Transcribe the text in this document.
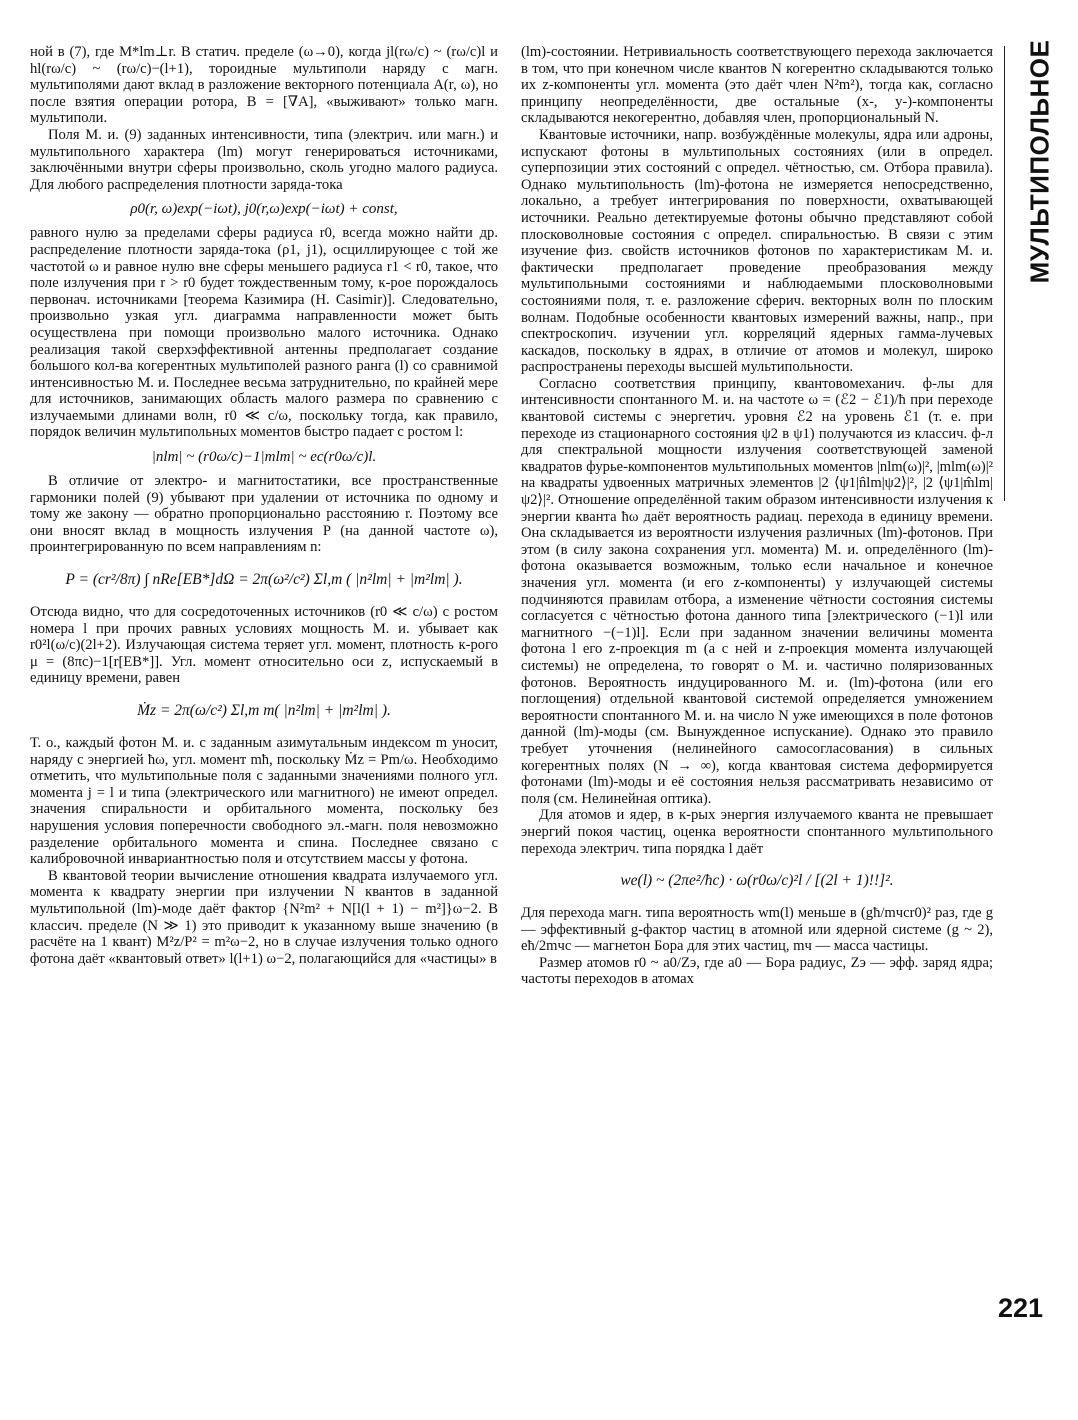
ной в (7), где M*lm⊥r. В статич. пределе (ω→0), когда jl(rω/c) ~ (rω/c)l и hl(rω/c) ~ (rω/c)−(l+1), тороидные мультиполи наряду с магн. мультиполями дают вклад в разложение векторного потенциала A(r, ω), но после взятия операции ротора, B = [∇A], «выживают» только магн. мультиполи.

Поля М. и. (9) заданных интенсивности, типа (электрич. или магн.) и мультипольного характера (lm) могут генерироваться источниками, заключёнными внутри сферы произвольно, сколь угодно малого радиуса. Для любого распределения плотности заряда-тока

ρ0(r, ω)exp(−iωt), j0(r,ω)exp(−iωt) + const,

равного нулю за пределами сферы радиуса r0, всегда можно найти др. распределение плотности заряда-тока (ρ1, j1), осциллирующее с той же частотой ω и равное нулю вне сферы меньшего радиуса r1 < r0, такое, что поле излучения при r > r0 будет тождественным тому, к-рое порождалось первонач. источниками [теорема Казимира (H. Casimir)]. Следовательно, произвольно узкая угл. диаграмма направленности может быть осуществлена при помощи произвольно малого источника. Однако реализация такой сверхэффективной антенны предполагает создание большого кол-ва когерентных мультиполей разного ранга (l) со сравнимой интенсивностью М. и. Последнее весьма затруднительно, по крайней мере для источников, занимающих область малого размера по сравнению с излучаемыми длинами волн, r0 ≪ c/ω, поскольку тогда, как правило, порядок величин мультипольных моментов быстро падает с ростом l:

|nlm| ~ (r0ω/c)−1|mlm| ~ ec(r0ω/c)l.

В отличие от электро- и магнитостатики, все пространственные гармоники полей (9) убывают при удалении от источника по одному и тому же закону — обратно пропорционально расстоянию r. Поэтому все они вносят вклад в мощность излучения P (на данной частоте ω), проинтегрированную по всем направлениям n:

P = (cr²/8π) ∫ nRe[EB*]dΩ = 2π(ω²/c²) Σl,m ( |n²lm| + |m²lm| ).

Отсюда видно, что для сосредоточенных источников (r0 ≪ c/ω) с ростом номера l при прочих равных условиях мощность М. и. убывает как r0²l(ω/c)(2l+2). Излучающая система теряет угл. момент, плотность к-рого μ = (8πc)−1[r[EB*]]. Угл. момент относительно оси z, испускаемый в единицу времени, равен

Ṁz = 2π(ω/c²) Σl,m m( |n²lm| + |m²lm| ).

Т. о., каждый фотон М. и. с заданным азимутальным индексом m уносит, наряду с энергией ħω, угл. момент mħ, поскольку Ṁz = Pm/ω. Необходимо отметить, что мультипольные поля с заданными значениями полного угл. момента j = l и типа (электрического или магнитного) не имеют определ. значения спиральности и орбитального момента, поскольку без нарушения условия поперечности свободного эл.-магн. поля невозможно разделение орбитального момента и спина. Последнее связано с калибровочной инвариантностью поля и отсутствием массы у фотона.

В квантовой теории вычисление отношения квадрата излучаемого угл. момента к квадрату энергии при излучении N квантов в заданной мультипольной (lm)-моде даёт фактор {N²m² + N[l(l + 1) − m²]}ω−2. В классич. пределе (N ≫ 1) это приводит к указанному выше значению (в расчёте на 1 квант) M²z/P² = m²ω−2, но в случае излучения только одного фотона даёт «квантовый ответ» l(l+1) ω−2, полагающийся для «частицы» в

(lm)-состоянии. Нетривиальность соответствующего перехода заключается в том, что при конечном числе квантов N когерентно складываются только их z-компоненты угл. момента (это даёт член N²m²), тогда как, согласно принципу неопределённости, две остальные (x-, y-)-компоненты складываются некогерентно, добавляя член, пропорциональный N.

Квантовые источники, напр. возбуждённые молекулы, ядра или адроны, испускают фотоны в мультипольных состояниях (или в определ. суперпозиции этих состояний с определ. чётностью, см. Отбора правила). Однако мультипольность (lm)-фотона не измеряется непосредственно, локально, а требует интегрирования по поверхности, охватывающей источники. Реально детектируемые фотоны обычно представляют собой плосковолновые состояния с определ. спиральностью. В связи с этим изучение физ. свойств источников фотонов по характеристикам М. и. фактически предполагает проведение преобразования между мультипольными состояниями и наблюдаемыми плосковолновыми состояниями поля, т. е. разложение сферич. векторных волн по плоским волнам. Подобные особенности квантовых измерений важны, напр., при спектроскопич. изучении угл. корреляций ядерных гамма-лучевых каскадов, поскольку в ядрах, в отличие от атомов и молекул, широко распространены переходы высшей мультипольности.

Согласно соответствия принципу, квантовомеханич. ф-лы для интенсивности спонтанного М. и. на частоте ω = (ℰ2 − ℰ1)/ħ при переходе квантовой системы с энергетич. уровня ℰ2 на уровень ℰ1 (т. е. при переходе из стационарного состояния ψ2 в ψ1) получаются из классич. ф-л для спектральной мощности излучения соответствующей заменой квадратов фурье-компонентов мультипольных моментов |nlm(ω)|², |mlm(ω)|² на квадраты удвоенных матричных элементов |2 ⟨ψ1|n̂lm|ψ2⟩|², |2 ⟨ψ1|m̂lm|ψ2⟩|². Отношение определённой таким образом интенсивности излучения к энергии кванта ħω даёт вероятность радиац. перехода в единицу времени. Она складывается из вероятности излучения различных (lm)-фотонов. При этом (в силу закона сохранения угл. момента) М. и. определённого (lm)-фотона оказывается возможным, только если начальное и конечное значения угл. момента (и его z-компоненты) у излучающей системы подчиняются правилам отбора, а изменение чётности состояния системы согласуется с чётностью фотона данного типа [электрического (−1)l или магнитного −(−1)l]. Если при заданном значении величины момента фотона l его z-проекция m (а с ней и z-проекция момента излучающей системы) не определена, то говорят о М. и. частично поляризованных фотонов. Вероятность индуцированного М. и. (lm)-фотона (или его поглощения) отдельной квантовой системой определяется умножением вероятности спонтанного М. и. на число N уже имеющихся в поле фотонов данной (lm)-моды (см. Вынужденное испускание). Однако это правило требует уточнения (нелинейного самосогласования) в сильных когерентных полях (N → ∞), когда квантовая система деформируется фотонами (lm)-моды и её состояния нельзя рассматривать независимо от поля (см. Нелинейная оптика).

Для атомов и ядер, в к-рых энергия излучаемого кванта не превышает энергий покоя частиц, оценка вероятности спонтанного мультипольного перехода электрич. типа порядка l даёт

we(l) ~ (2πe²/ħc) · ω(r0ω/c)²l / [(2l + 1)!!]².

Для перехода магн. типа вероятность wm(l) меньше в (għ/mчcr0)² раз, где g — эффективный g-фактор частиц в атомной или ядерной системе (g ~ 2), eħ/2mчc — магнетон Бора для этих частиц, mч — масса частицы.

Размер атомов r0 ~ a0/Zэ, где a0 — Бора радиус, Zэ — эфф. заряд ядра; частоты переходов в атомах

МУЛЬТИПОЛЬНОЕ
221
